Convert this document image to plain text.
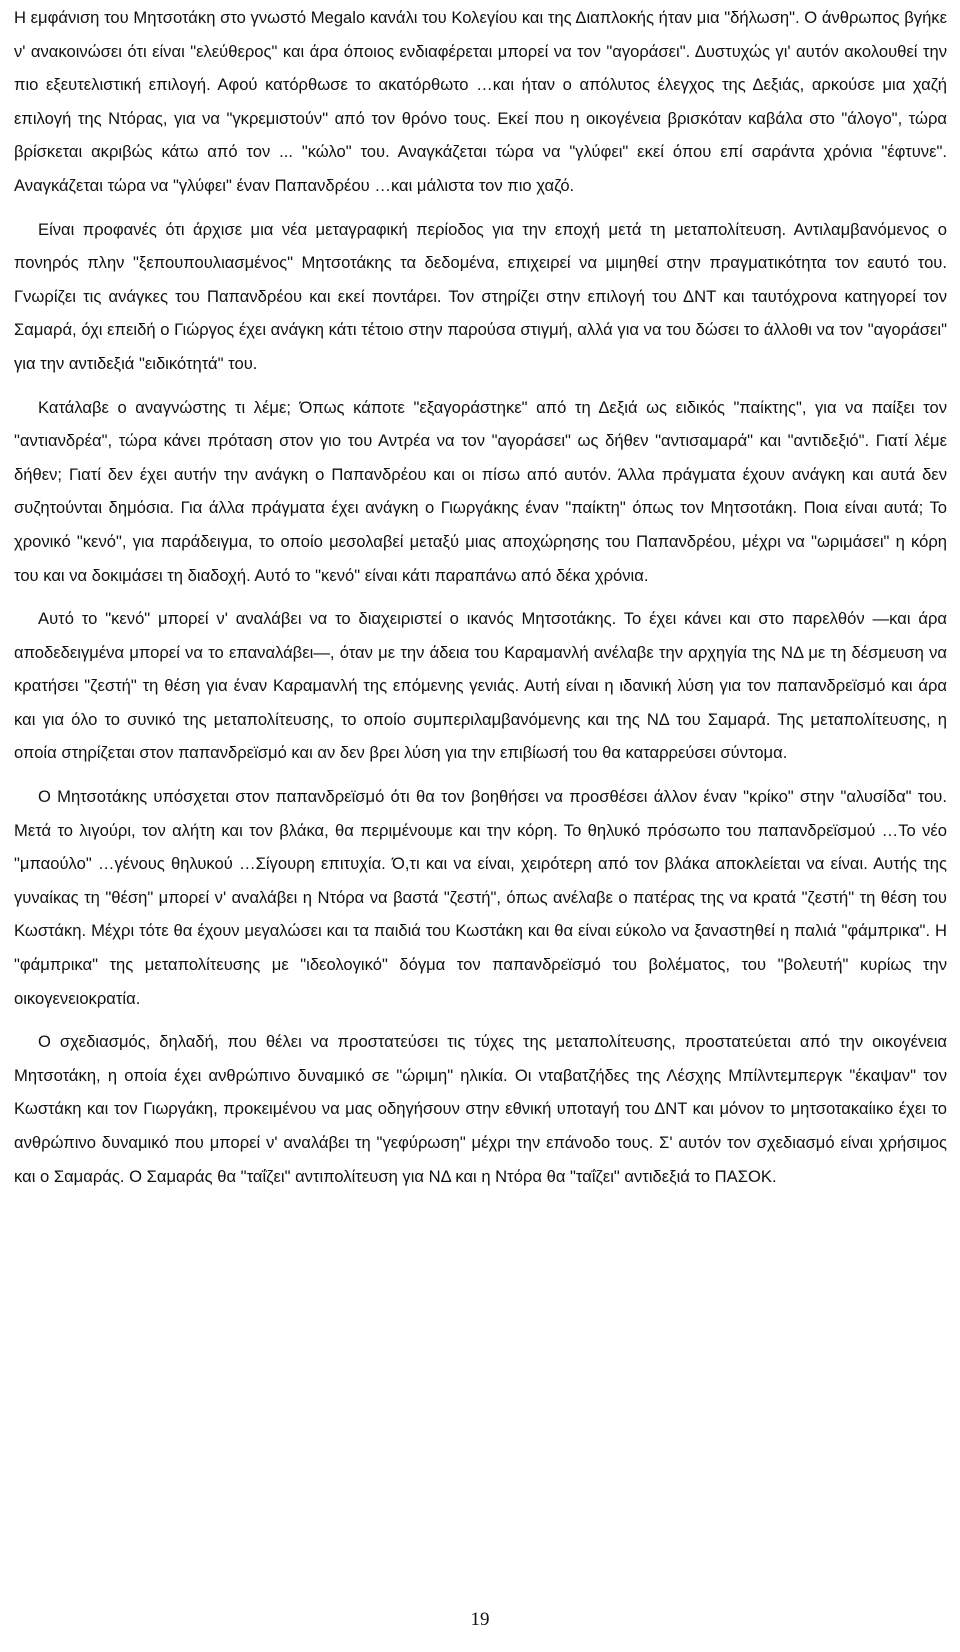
Η εμφάνιση του Μητσοτάκη στο γνωστό Megalo κανάλι του Κολεγίου και της Διαπλοκής ήταν μια "δήλωση". Ο άνθρωπος βγήκε ν' ανακοινώσει ότι είναι "ελεύθερος" και άρα όποιος ενδιαφέρεται μπορεί να τον "αγοράσει". Δυστυχώς γι' αυτόν ακολουθεί την πιο εξευτελιστική επιλογή. Αφού κατόρθωσε το ακατόρθωτο …και ήταν ο απόλυτος έλεγχος της Δεξιάς, αρκούσε μια χαζή επιλογή της Ντόρας, για να "γκρεμιστούν" από τον θρόνο τους. Εκεί που η οικογένεια βρισκόταν καβάλα στο "άλογο", τώρα βρίσκεται ακριβώς κάτω από τον ... "κώλο" του. Αναγκάζεται τώρα να "γλύφει" εκεί όπου επί σαράντα χρόνια "έφτυνε". Αναγκάζεται τώρα να "γλύφει" έναν Παπανδρέου …και μάλιστα τον πιο χαζό.

Είναι προφανές ότι άρχισε μια νέα μεταγραφική περίοδος για την εποχή μετά τη μεταπολίτευση. Αντιλαμβανόμενος ο πονηρός πλην "ξεπουπουλιασμένος" Μητσοτάκης τα δεδομένα, επιχειρεί να μιμηθεί στην πραγματικότητα τον εαυτό του. Γνωρίζει τις ανάγκες του Παπανδρέου και εκεί ποντάρει. Τον στηρίζει στην επιλογή του ΔΝΤ και ταυτόχρονα κατηγορεί τον Σαμαρά, όχι επειδή ο Γιώργος έχει ανάγκη κάτι τέτοιο στην παρούσα στιγμή, αλλά για να του δώσει το άλλοθι να τον "αγοράσει" για την αντιδεξιά "ειδικότητά" του.

Κατάλαβε ο αναγνώστης τι λέμε; Όπως κάποτε "εξαγοράστηκε" από τη Δεξιά ως ειδικός "παίκτης", για να παίξει τον "αντιανδρέα", τώρα κάνει πρόταση στον γιο του Αντρέα να τον "αγοράσει" ως δήθεν "αντισαμαρά" και "αντιδεξιό". Γιατί λέμε δήθεν; Γιατί δεν έχει αυτήν την ανάγκη ο Παπανδρέου και οι πίσω από αυτόν. Άλλα πράγματα έχουν ανάγκη και αυτά δεν συζητούνται δημόσια. Για άλλα πράγματα έχει ανάγκη ο Γιωργάκης έναν "παίκτη" όπως τον Μητσοτάκη. Ποια είναι αυτά; Το χρονικό "κενό", για παράδειγμα, το οποίο μεσολαβεί μεταξύ μιας αποχώρησης του Παπανδρέου, μέχρι να "ωριμάσει" η κόρη του και να δοκιμάσει τη διαδοχή. Αυτό το "κενό" είναι κάτι παραπάνω από δέκα χρόνια.

Αυτό το "κενό" μπορεί ν' αναλάβει να το διαχειριστεί ο ικανός Μητσοτάκης. Το έχει κάνει και στο παρελθόν —και άρα αποδεδειγμένα μπορεί να το επαναλάβει—, όταν με την άδεια του Καραμανλή ανέλαβε την αρχηγία της ΝΔ με τη δέσμευση να κρατήσει "ζεστή" τη θέση για έναν Καραμανλή της επόμενης γενιάς. Αυτή είναι η ιδανική λύση για τον παπανδρεϊσμό και άρα και για όλο το συνικό της μεταπολίτευσης, το οποίο συμπεριλαμβανόμενης και της ΝΔ του Σαμαρά. Της μεταπολίτευσης, η οποία στηρίζεται στον παπανδρεϊσμό και αν δεν βρει λύση για την επιβίωσή του θα καταρρεύσει σύντομα.

Ο Μητσοτάκης υπόσχεται στον παπανδρεϊσμό ότι θα τον βοηθήσει να προσθέσει άλλον έναν "κρίκο" στην "αλυσίδα" του. Μετά το λιγούρι, τον αλήτη και τον βλάκα, θα περιμένουμε και την κόρη. Το θηλυκό πρόσωπο του παπανδρεϊσμού …Το νέο "μπαούλο" …γένους θηλυκού …Σίγουρη επιτυχία. Ό,τι και να είναι, χειρότερη από τον βλάκα αποκλείεται να είναι. Αυτής της γυναίκας τη "θέση" μπορεί ν' αναλάβει η Ντόρα να βαστά "ζεστή", όπως ανέλαβε ο πατέρας της να κρατά "ζεστή" τη θέση του Κωστάκη. Μέχρι τότε θα έχουν μεγαλώσει και τα παιδιά του Κωστάκη και θα είναι εύκολο να ξαναστηθεί η παλιά "φάμπρικα". Η "φάμπρικα" της μεταπολίτευσης με "ιδεολογικό" δόγμα τον παπανδρεϊσμό του βολέματος, του "βολευτή" κυρίως την οικογενειοκρατία.

Ο σχεδιασμός, δηλαδή, που θέλει να προστατεύσει τις τύχες της μεταπολίτευσης, προστατεύεται από την οικογένεια Μητσοτάκη, η οποία έχει ανθρώπινο δυναμικό σε "ώριμη" ηλικία. Οι νταβατζήδες της Λέσχης Μπίλντεμπεργκ "έκαψαν" τον Κωστάκη και τον Γιωργάκη, προκειμένου να μας οδηγήσουν στην εθνική υποταγή του ΔΝΤ και μόνον το μητσοτακαίικο έχει το ανθρώπινο δυναμικό που μπορεί ν' αναλάβει τη "γεφύρωση" μέχρι την επάνοδο τους. Σ' αυτόν τον σχεδιασμό είναι χρήσιμος και ο Σαμαράς. Ο Σαμαράς θα "ταΐζει" αντιπολίτευση για ΝΔ και η Ντόρα θα "ταΐζει" αντιδεξιά το ΠΑΣΟΚ.

19
